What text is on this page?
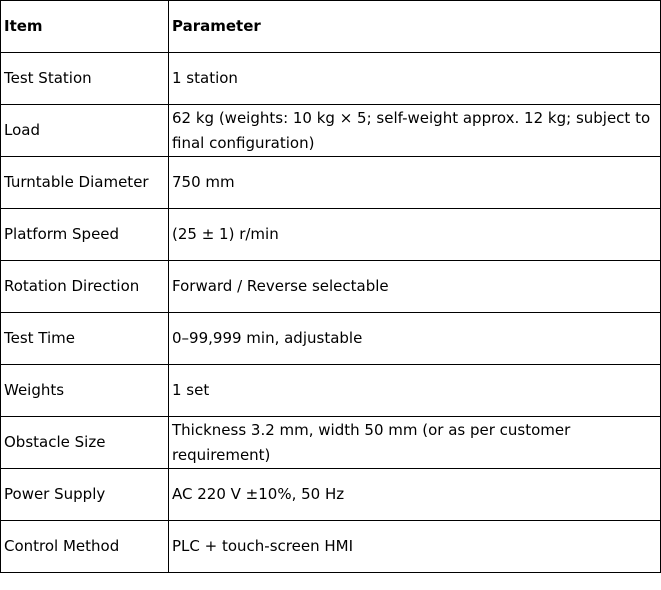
Item	Parameter
Test Station	1 station
Load	62 kg (weights: 10 kg × 5; self-weight approx. 12 kg; subject to final configuration)
Turntable Diameter	750 mm
Platform Speed	(25 ± 1) r/min
Rotation Direction	Forward / Reverse selectable
Test Time	0–99,999 min, adjustable
Weights	1 set
Obstacle Size	Thickness 3.2 mm, width 50 mm (or as per customer requirement)
Power Supply	AC 220 V ±10%, 50 Hz
Control Method	PLC + touch-screen HMI
